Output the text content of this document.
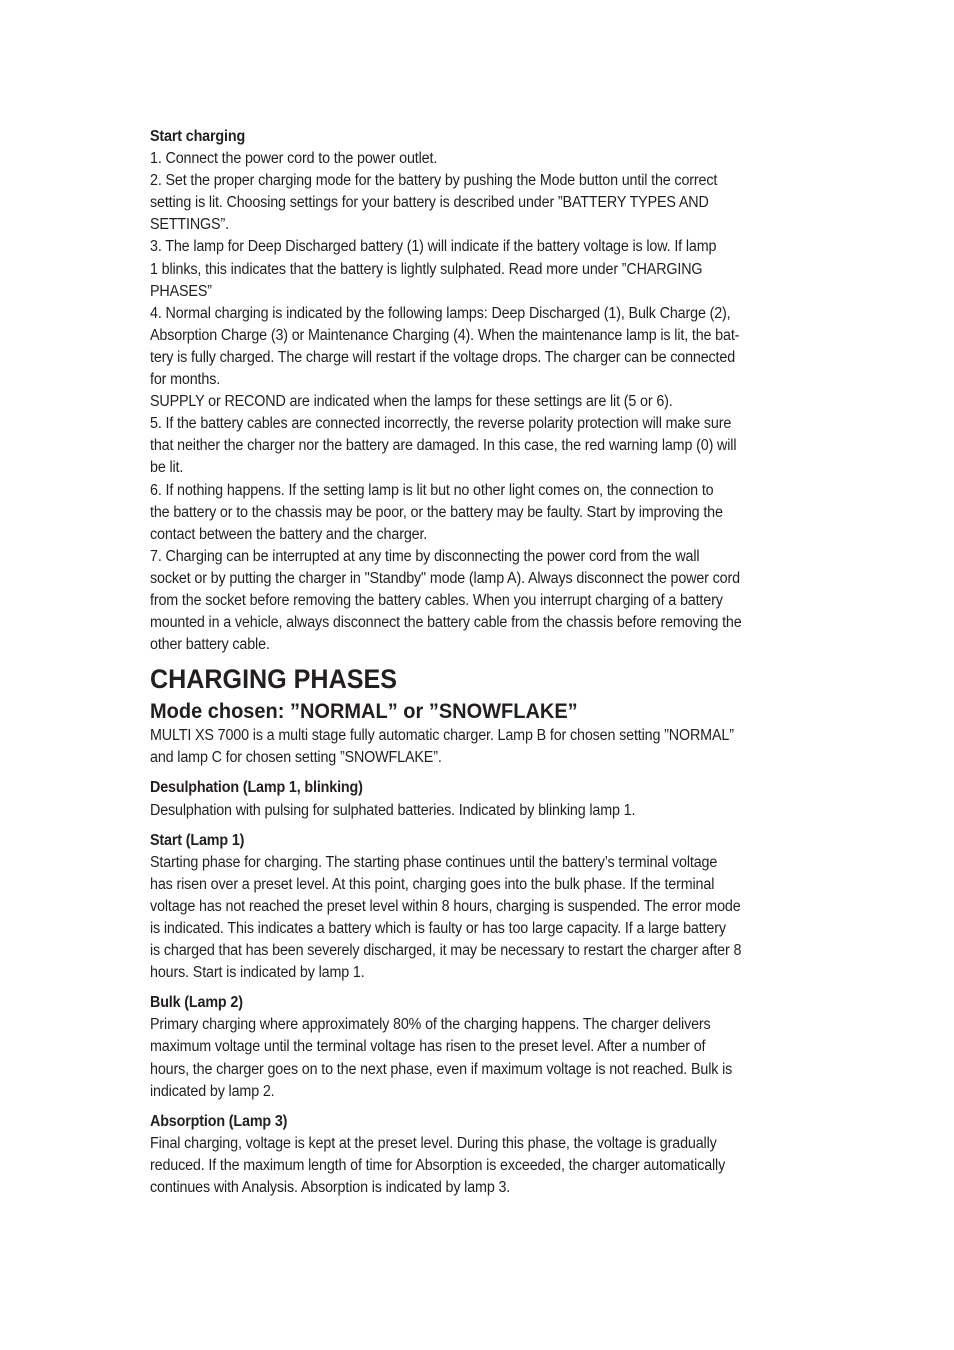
Start charging
1. Connect the power cord to the power outlet.
2. Set the proper charging mode for the battery by pushing the Mode button until the correct
setting is lit. Choosing settings for your battery is described under ”BATTERY TYPES AND
SETTINGS”.
3. The lamp for Deep Discharged battery (1) will indicate if the battery voltage is low. If lamp
1 blinks, this indicates that the battery is lightly sulphated. Read more under ”CHARGING
PHASES”
4. Normal charging is indicated by the following lamps: Deep Discharged (1), Bulk Charge (2),
Absorption Charge (3) or Maintenance Charging (4). When the maintenance lamp is lit, the bat-
tery is fully charged. The charge will restart if the voltage drops. The charger can be connected
for months.
SUPPLY or RECOND are indicated when the lamps for these settings are lit (5 or 6).
5. If the battery cables are connected incorrectly, the reverse polarity protection will make sure
that neither the charger nor the battery are damaged. In this case, the red warning lamp (0) will
be lit.
6. If nothing happens. If the setting lamp is lit but no other light comes on, the connection to
the battery or to the chassis may be poor, or the battery may be faulty. Start by improving the
contact between the battery and the charger.
7. Charging can be interrupted at any time by disconnecting the power cord from the wall
socket or by putting the charger in "Standby" mode (lamp A). Always disconnect the power cord
from the socket before removing the battery cables. When you interrupt charging of a battery
mounted in a vehicle, always disconnect the battery cable from the chassis before removing the
other battery cable.
CHARGING PHASES
Mode chosen: ”NORMAL” or ”SNOWFLAKE”
MULTI XS 7000 is a multi stage fully automatic charger. Lamp B for chosen setting ”NORMAL”
and lamp C for chosen setting ”SNOWFLAKE”.
Desulphation (Lamp 1, blinking)
Desulphation with pulsing for sulphated batteries. Indicated by blinking lamp 1.
Start (Lamp 1)
Starting phase for charging. The starting phase continues until the battery’s terminal voltage
has risen over a preset level. At this point, charging goes into the bulk phase. If the terminal
voltage has not reached the preset level within 8 hours, charging is suspended. The error mode
is indicated. This indicates a battery which is faulty or has too large capacity. If a large battery
is charged that has been severely discharged, it may be necessary to restart the charger after 8
hours. Start is indicated by lamp 1.
Bulk (Lamp 2)
Primary charging where approximately 80% of the charging happens. The charger delivers
maximum voltage until the terminal voltage has risen to the preset level. After a number of
hours, the charger goes on to the next phase, even if maximum voltage is not reached. Bulk is
indicated by lamp 2.
Absorption (Lamp 3)
Final charging, voltage is kept at the preset level. During this phase, the voltage is gradually
reduced. If the maximum length of time for Absorption is exceeded, the charger automatically
continues with Analysis. Absorption is indicated by lamp 3.
